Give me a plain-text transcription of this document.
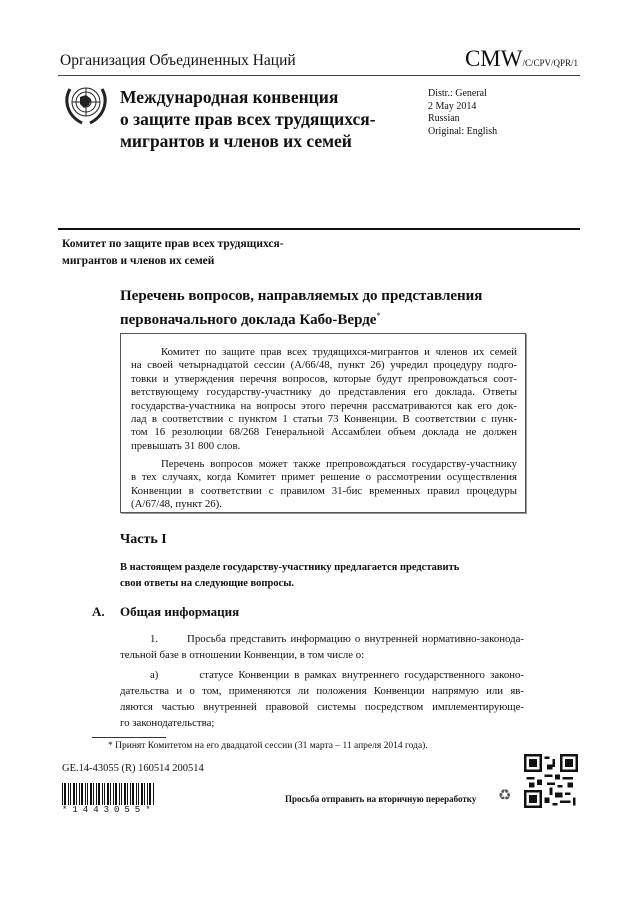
Организация Объединенных Наций	CMW/C/CPV/QPR/1
Международная конвенция
о защите прав всех трудящихся-
мигрантов и членов их семей
Distr.: General
2 May 2014
Russian
Original: English
Комитет по защите прав всех трудящихся-
мигрантов и членов их семей
Перечень вопросов, направляемых до представления
первоначального доклада Кабо-Верде*
Комитет по защите прав всех трудящихся-мигрантов и членов их семей
на своей четырнадцатой сессии (A/66/48, пункт 26) учредил процедуру подго-
товки и утверждения перечня вопросов, которые будут препровождаться соот-
ветствующему государству-участнику до представления его доклада. Ответы
государства-участника на вопросы этого перечня рассматриваются как его док-
лад в соответствии с пунктом 1 статьи 73 Конвенции. В соответствии с пунк-
том 16 резолюции 68/268 Генеральной Ассамблеи объем доклада не должен
превышать 31 800 слов.
Перечень вопросов может также препровождаться государству-участнику
в тех случаях, когда Комитет примет решение о рассмотрении осуществления
Конвенции в соответствии с правилом 31-бис временных правил процедуры
(A/67/48, пункт 26).
Часть I
В настоящем разделе государству-участнику предлагается представить
свои ответы на следующие вопросы.
A. Общая информация
1.       Просьба представить информацию о внутренней нормативно-законода-
тельной базе в отношении Конвенции, в том числе о:
a)        статусе Конвенции в рамках внутреннего государственного законо-
дательства и о том, применяются ли положения Конвенции напрямую или яв-
ляются частью внутренней правовой системы посредством имплементирующе-
го законодательства;
* Принят Комитетом на его двадцатой сессии (31 марта – 11 апреля 2014 года).
GE.14-43055 (R) 160514 200514
*1443055*
Просьба отправить на вторичную переработку ♻
